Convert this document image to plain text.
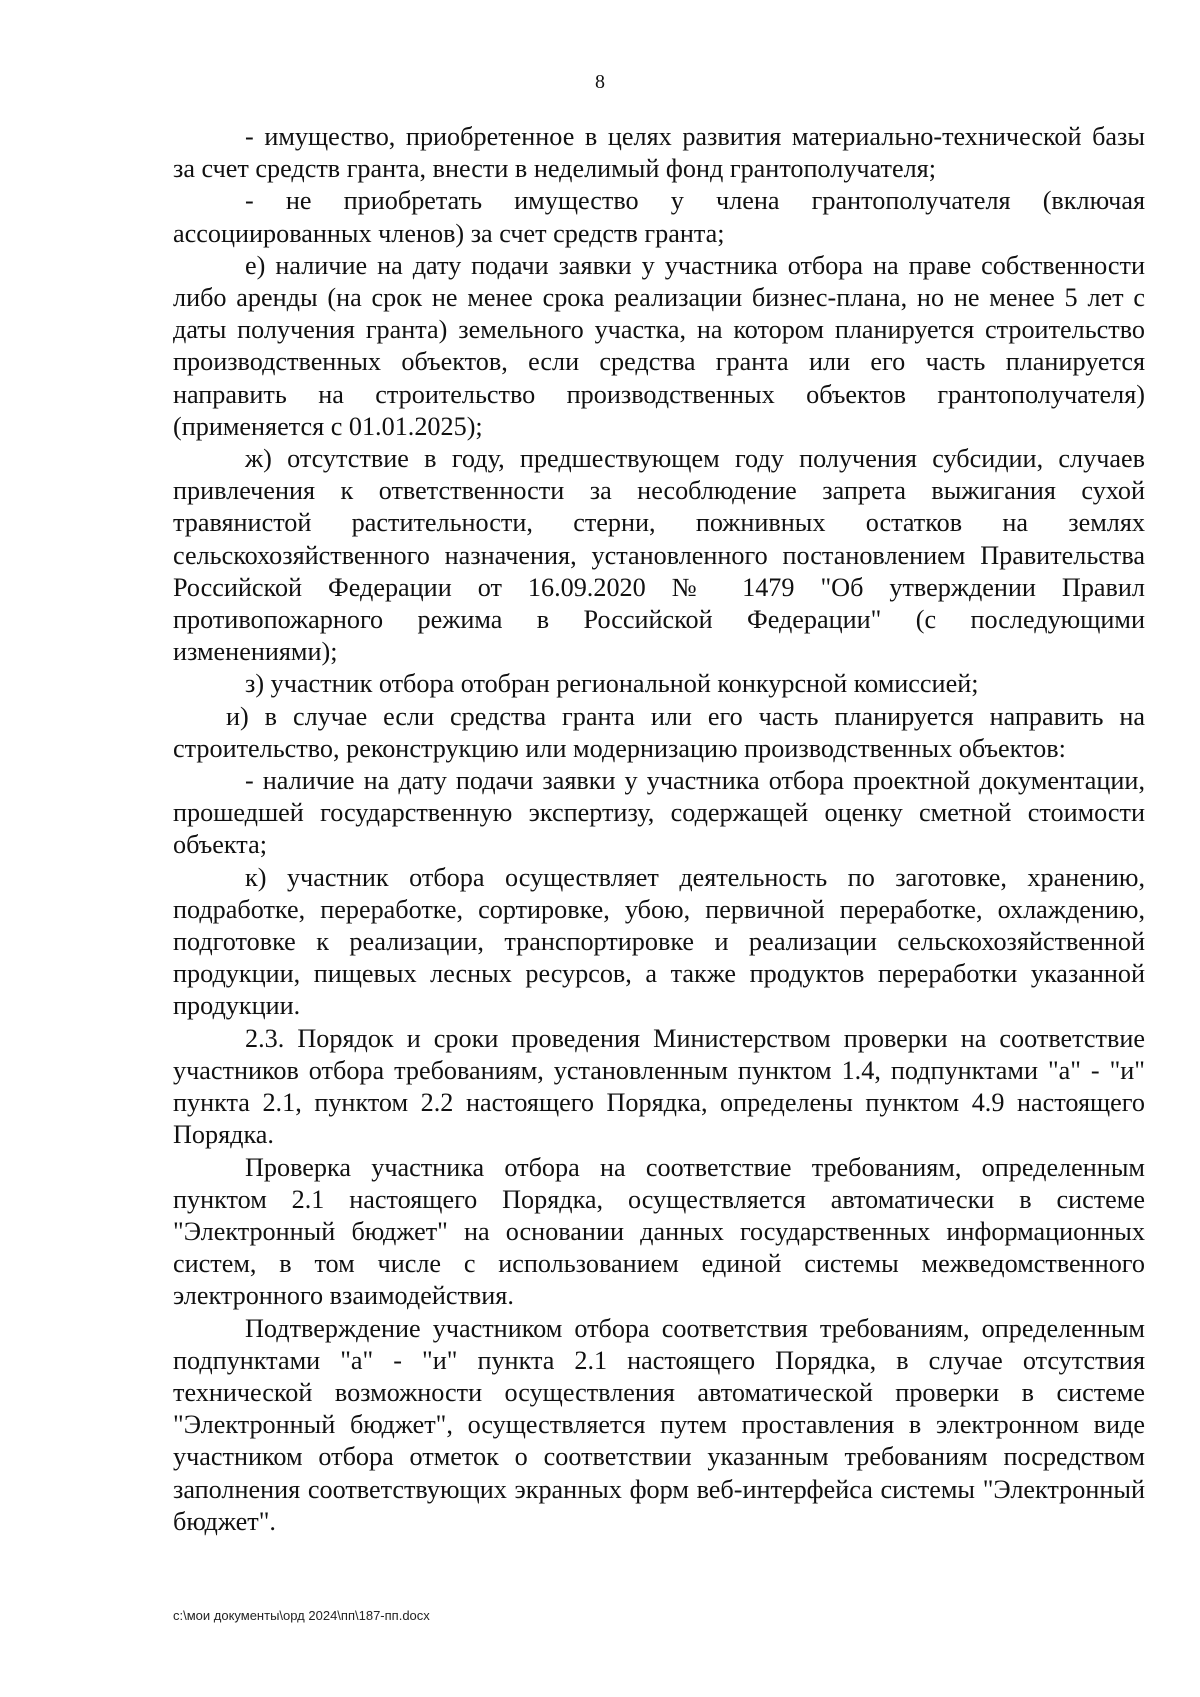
8

- имущество, приобретенное в целях развития материально-технической базы за счет средств гранта, внести в неделимый фонд грантополучателя;

- не приобретать имущество у члена грантополучателя (включая ассоциированных членов) за счет средств гранта;

е) наличие на дату подачи заявки у участника отбора на праве собственности либо аренды (на срок не менее срока реализации бизнес-плана, но не менее 5 лет с даты получения гранта) земельного участка, на котором планируется строительство производственных объектов, если средства гранта или его часть планируется направить на строительство производственных объектов грантополучателя) (применяется с 01.01.2025);

ж) отсутствие в году, предшествующем году получения субсидии, случаев привлечения к ответственности за несоблюдение запрета выжигания сухой травянистой растительности, стерни, пожнивных остатков на землях сельскохозяйственного назначения, установленного постановлением Правительства Российской Федерации от 16.09.2020 № 1479 "Об утверждении Правил противопожарного режима в Российской Федерации" (с последующими изменениями);

з) участник отбора отобран региональной конкурсной комиссией;

и) в случае если средства гранта или его часть планируется направить на строительство, реконструкцию или модернизацию производственных объектов:

- наличие на дату подачи заявки у участника отбора проектной документации, прошедшей государственную экспертизу, содержащей оценку сметной стоимости объекта;

к) участник отбора осуществляет деятельность по заготовке, хранению, подработке, переработке, сортировке, убою, первичной переработке, охлаждению, подготовке к реализации, транспортировке и реализации сельскохозяйственной продукции, пищевых лесных ресурсов, а также продуктов переработки указанной продукции.

2.3. Порядок и сроки проведения Министерством проверки на соответствие участников отбора требованиям, установленным пунктом 1.4, подпунктами "а" - "и" пункта 2.1, пунктом 2.2 настоящего Порядка, определены пунктом 4.9 настоящего Порядка.

Проверка участника отбора на соответствие требованиям, определенным пунктом 2.1 настоящего Порядка, осуществляется автоматически в системе "Электронный бюджет" на основании данных государственных информационных систем, в том числе с использованием единой системы межведомственного электронного взаимодействия.

Подтверждение участником отбора соответствия требованиям, определенным подпунктами "а" - "и" пункта 2.1 настоящего Порядка, в случае отсутствия технической возможности осуществления автоматической проверки в системе "Электронный бюджет", осуществляется путем проставления в электронном виде участником отбора отметок о соответствии указанным требованиям посредством заполнения соответствующих экранных форм веб-интерфейса системы "Электронный бюджет".

c:\мои документы\орд 2024\пп\187-пп.docx
